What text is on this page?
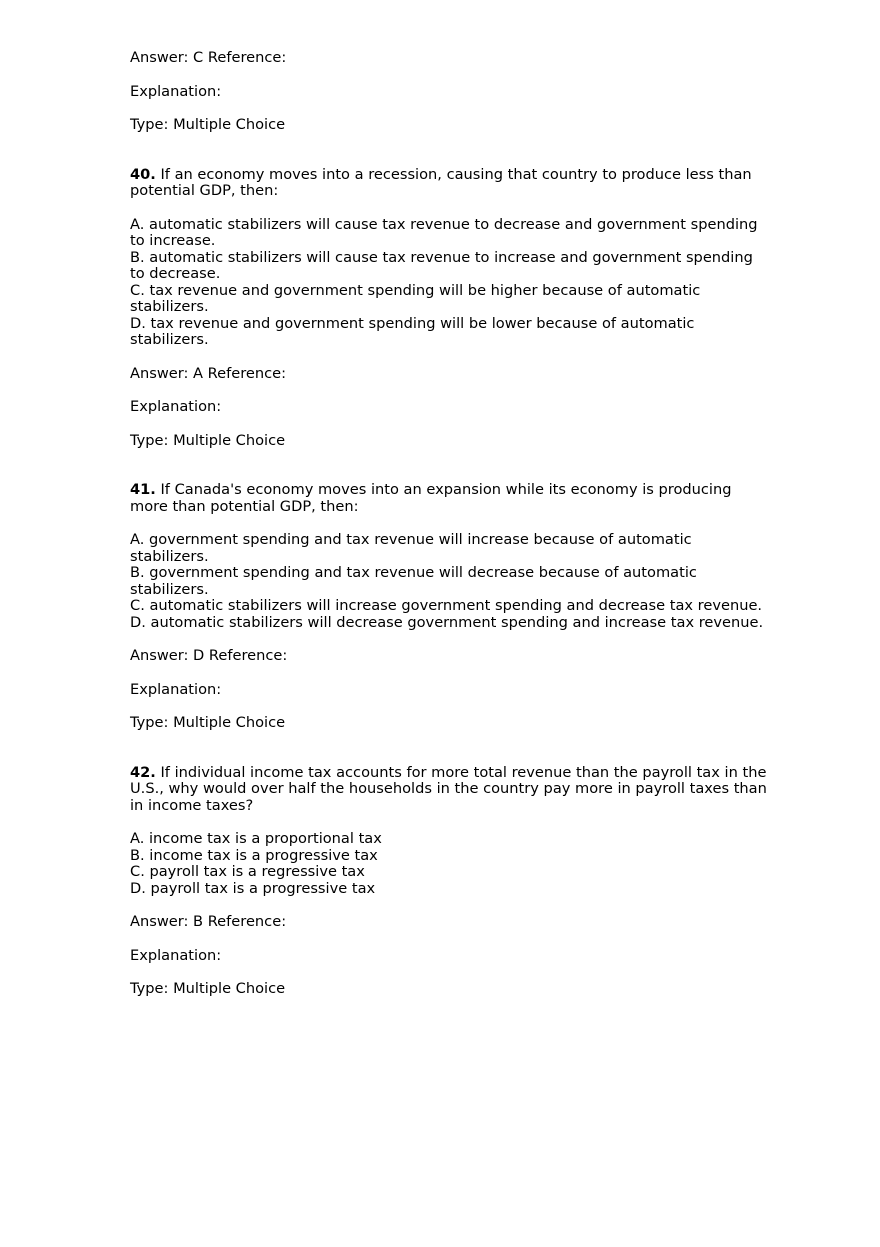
Answer: C Reference:
Explanation:
Type: Multiple Choice

40. If an economy moves into a recession, causing that country to produce less than potential GDP, then:

A. automatic stabilizers will cause tax revenue to decrease and government spending to increase.
B. automatic stabilizers will cause tax revenue to increase and government spending to decrease.
C. tax revenue and government spending will be higher because of automatic stabilizers.
D. tax revenue and government spending will be lower because of automatic stabilizers.
Answer: A Reference:
Explanation:
Type: Multiple Choice

41. If Canada's economy moves into an expansion while its economy is producing more than potential GDP, then:

A. government spending and tax revenue will increase because of automatic stabilizers.
B. government spending and tax revenue will decrease because of automatic stabilizers.
C. automatic stabilizers will increase government spending and decrease tax revenue.
D. automatic stabilizers will decrease government spending and increase tax revenue.
Answer: D Reference:
Explanation:
Type: Multiple Choice

42. If individual income tax accounts for more total revenue than the payroll tax in the U.S., why would over half the households in the country pay more in payroll taxes than in income taxes?

A. income tax is a proportional tax
B. income tax is a progressive tax
C. payroll tax is a regressive tax
D. payroll tax is a progressive tax
Answer: B Reference:
Explanation:
Type: Multiple Choice
